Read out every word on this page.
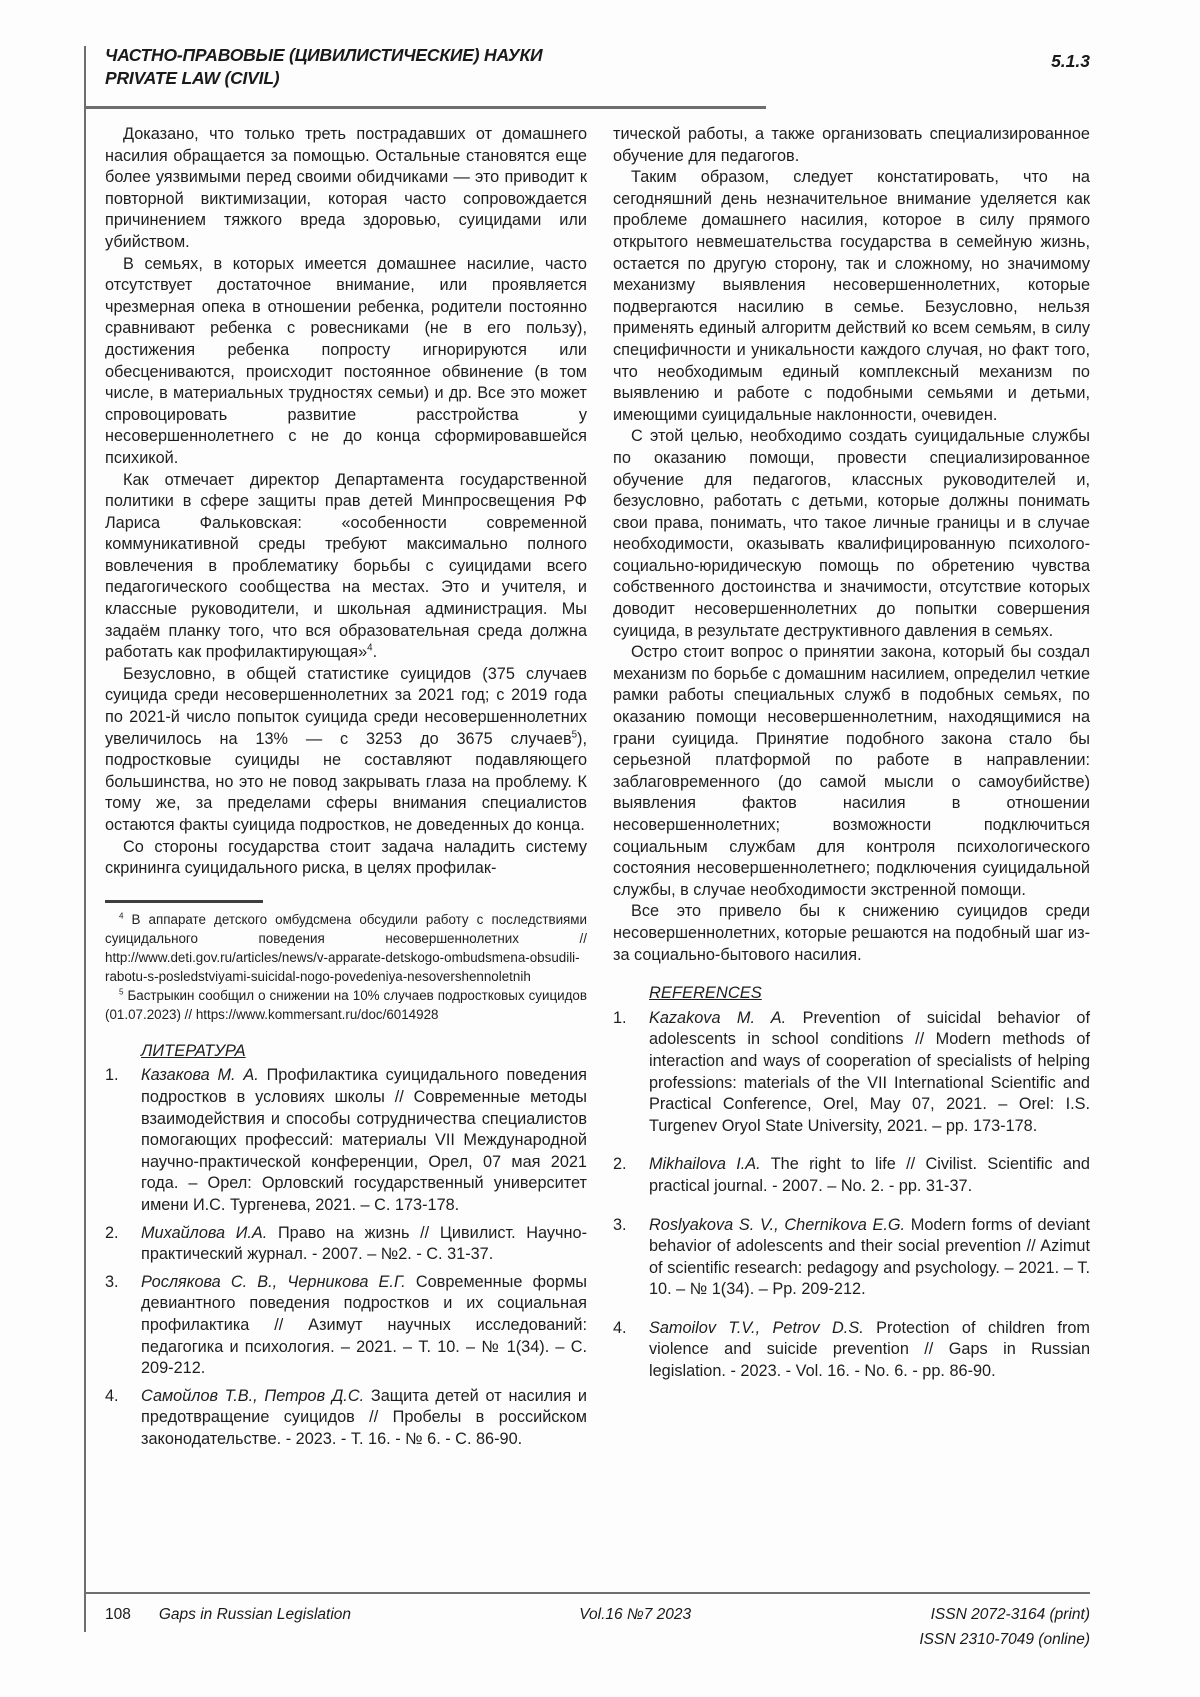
ЧАСТНО-ПРАВОВЫЕ (ЦИВИЛИСТИЧЕСКИЕ) НАУКИ
PRIVATE LAW (CIVIL)
5.1.3

Доказано, что только треть пострадавших от домашнего насилия обращается за помощью. Остальные становятся еще более уязвимыми перед своими обидчиками — это приводит к повторной виктимизации, которая часто сопровождается причинением тяжкого вреда здоровью, суицидами или убийством.

В семьях, в которых имеется домашнее насилие, часто отсутствует достаточное внимание, или проявляется чрезмерная опека в отношении ребенка, родители постоянно сравнивают ребенка с ровесниками (не в его пользу), достижения ребенка попросту игнорируются или обесцениваются, происходит постоянное обвинение (в том числе, в материальных трудностях семьи) и др. Все это может спровоцировать развитие расстройства у несовершеннолетнего с не до конца сформировавшейся психикой.

Как отмечает директор Департамента государственной политики в сфере защиты прав детей Минпросвещения РФ Лариса Фальковская: «особенности современной коммуникативной среды требуют максимально полного вовлечения в проблематику борьбы с суицидами всего педагогического сообщества на местах. Это и учителя, и классные руководители, и школьная администрация. Мы задаём планку того, что вся образовательная среда должна работать как профилактирующая»$^4$.

Безусловно, в общей статистике суицидов (375 случаев суицида среди несовершеннолетних за 2021 год; с 2019 года по 2021-й число попыток суицида среди несовершеннолетних увеличилось на 13% — с 3253 до 3675 случаев$^5$), подростковые суициды не составляют подавляющего большинства, но это не повод закрывать глаза на проблему. К тому же, за пределами сферы внимания специалистов остаются факты суицида подростков, не доведенных до конца.

Со стороны государства стоит задача наладить систему скрининга суицидального риска, в целях профилак-

$^4$ В аппарате детского омбудсмена обсудили работу с последствиями суицидального поведения несовершеннолетних // http://www.deti.gov.ru/articles/news/v-apparate-detskogo-ombudsmena-obsudili-rabotu-s-posledstviyami-suicidal-nogo-povedeniya-nesovershennoletnih

$^5$ Бастрыкин сообщил о снижении на 10% случаев подростковых суицидов (01.07.2023) // https://www.kommersant.ru/doc/6014928

ЛИТЕРАТУРА
1.	Казакова М. А. Профилактика суицидального поведения подростков в условиях школы // Современные методы взаимодействия и способы сотрудничества специалистов помогающих профессий: материалы VII Международной научно-практической конференции, Орел, 07 мая 2021 года. – Орел: Орловский государственный университет имени И.С. Тургенева, 2021. – С. 173-178.
2.	Михайлова И.А. Право на жизнь // Цивилист. Научно-практический журнал. - 2007. – №2. - С. 31-37.
3.	Рослякова С. В., Черникова Е.Г. Современные формы девиантного поведения подростков и их социальная профилактика // Азимут научных исследований: педагогика и психология. – 2021. – Т. 10. – № 1(34). – С. 209-212.
4.	Самойлов Т.В., Петров Д.С. Защита детей от насилия и предотвращение суицидов // Пробелы в российском законодательстве. - 2023. - Т. 16. - № 6. - С. 86-90.

тической работы, а также организовать специализированное обучение для педагогов.

Таким образом, следует констатировать, что на сегодняшний день незначительное внимание уделяется как проблеме домашнего насилия, которое в силу прямого открытого невмешательства государства в семейную жизнь, остается по другую сторону, так и сложному, но значимому механизму выявления несовершеннолетних, которые подвергаются насилию в семье. Безусловно, нельзя применять единый алгоритм действий ко всем семьям, в силу специфичности и уникальности каждого случая, но факт того, что необходимым единый комплексный механизм по выявлению и работе с подобными семьями и детьми, имеющими суицидальные наклонности, очевиден.

С этой целью, необходимо создать суицидальные службы по оказанию помощи, провести специализированное обучение для педагогов, классных руководителей и, безусловно, работать с детьми, которые должны понимать свои права, понимать, что такое личные границы и в случае необходимости, оказывать квалифицированную психолого-социально-юридическую помощь по обретению чувства собственного достоинства и значимости, отсутствие которых доводит несовершеннолетних до попытки совершения суицида, в результате деструктивного давления в семьях.

Остро стоит вопрос о принятии закона, который бы создал механизм по борьбе с домашним насилием, определил четкие рамки работы специальных служб в подобных семьях, по оказанию помощи несовершеннолетним, находящимися на грани суицида. Принятие подобного закона стало бы серьезной платформой по работе в направлении: заблаговременного (до самой мысли о самоубийстве) выявления фактов насилия в отношении несовершеннолетних; возможности подключиться социальным службам для контроля психологического состояния несовершеннолетнего; подключения суицидальной службы, в случае необходимости экстренной помощи.

Все это привело бы к снижению суицидов среди несовершеннолетних, которые решаются на подобный шаг из-за социально-бытового насилия.

REFERENCES
1.	Kazakova M. A. Prevention of suicidal behavior of adolescents in school conditions // Modern methods of interaction and ways of cooperation of specialists of helping professions: materials of the VII International Scientific and Practical Conference, Orel, May 07, 2021. – Orel: I.S. Turgenev Oryol State University, 2021. – pp. 173-178.
2.	Mikhailova I.A. The right to life // Civilist. Scientific and practical journal. - 2007. – No. 2. - pp. 31-37.
3.	Roslyakova S. V., Chernikova E.G. Modern forms of deviant behavior of adolescents and their social prevention // Azimut of scientific research: pedagogy and psychology. – 2021. – T. 10. – № 1(34). – Pp. 209-212.
4.	Samoilov T.V., Petrov D.S. Protection of children from violence and suicide prevention // Gaps in Russian legislation. - 2023. - Vol. 16. - No. 6. - pp. 86-90.
108 Gaps in Russian Legislation	Vol.16 №7 2023	ISSN 2072-3164 (print)
ISSN 2310-7049 (online)
